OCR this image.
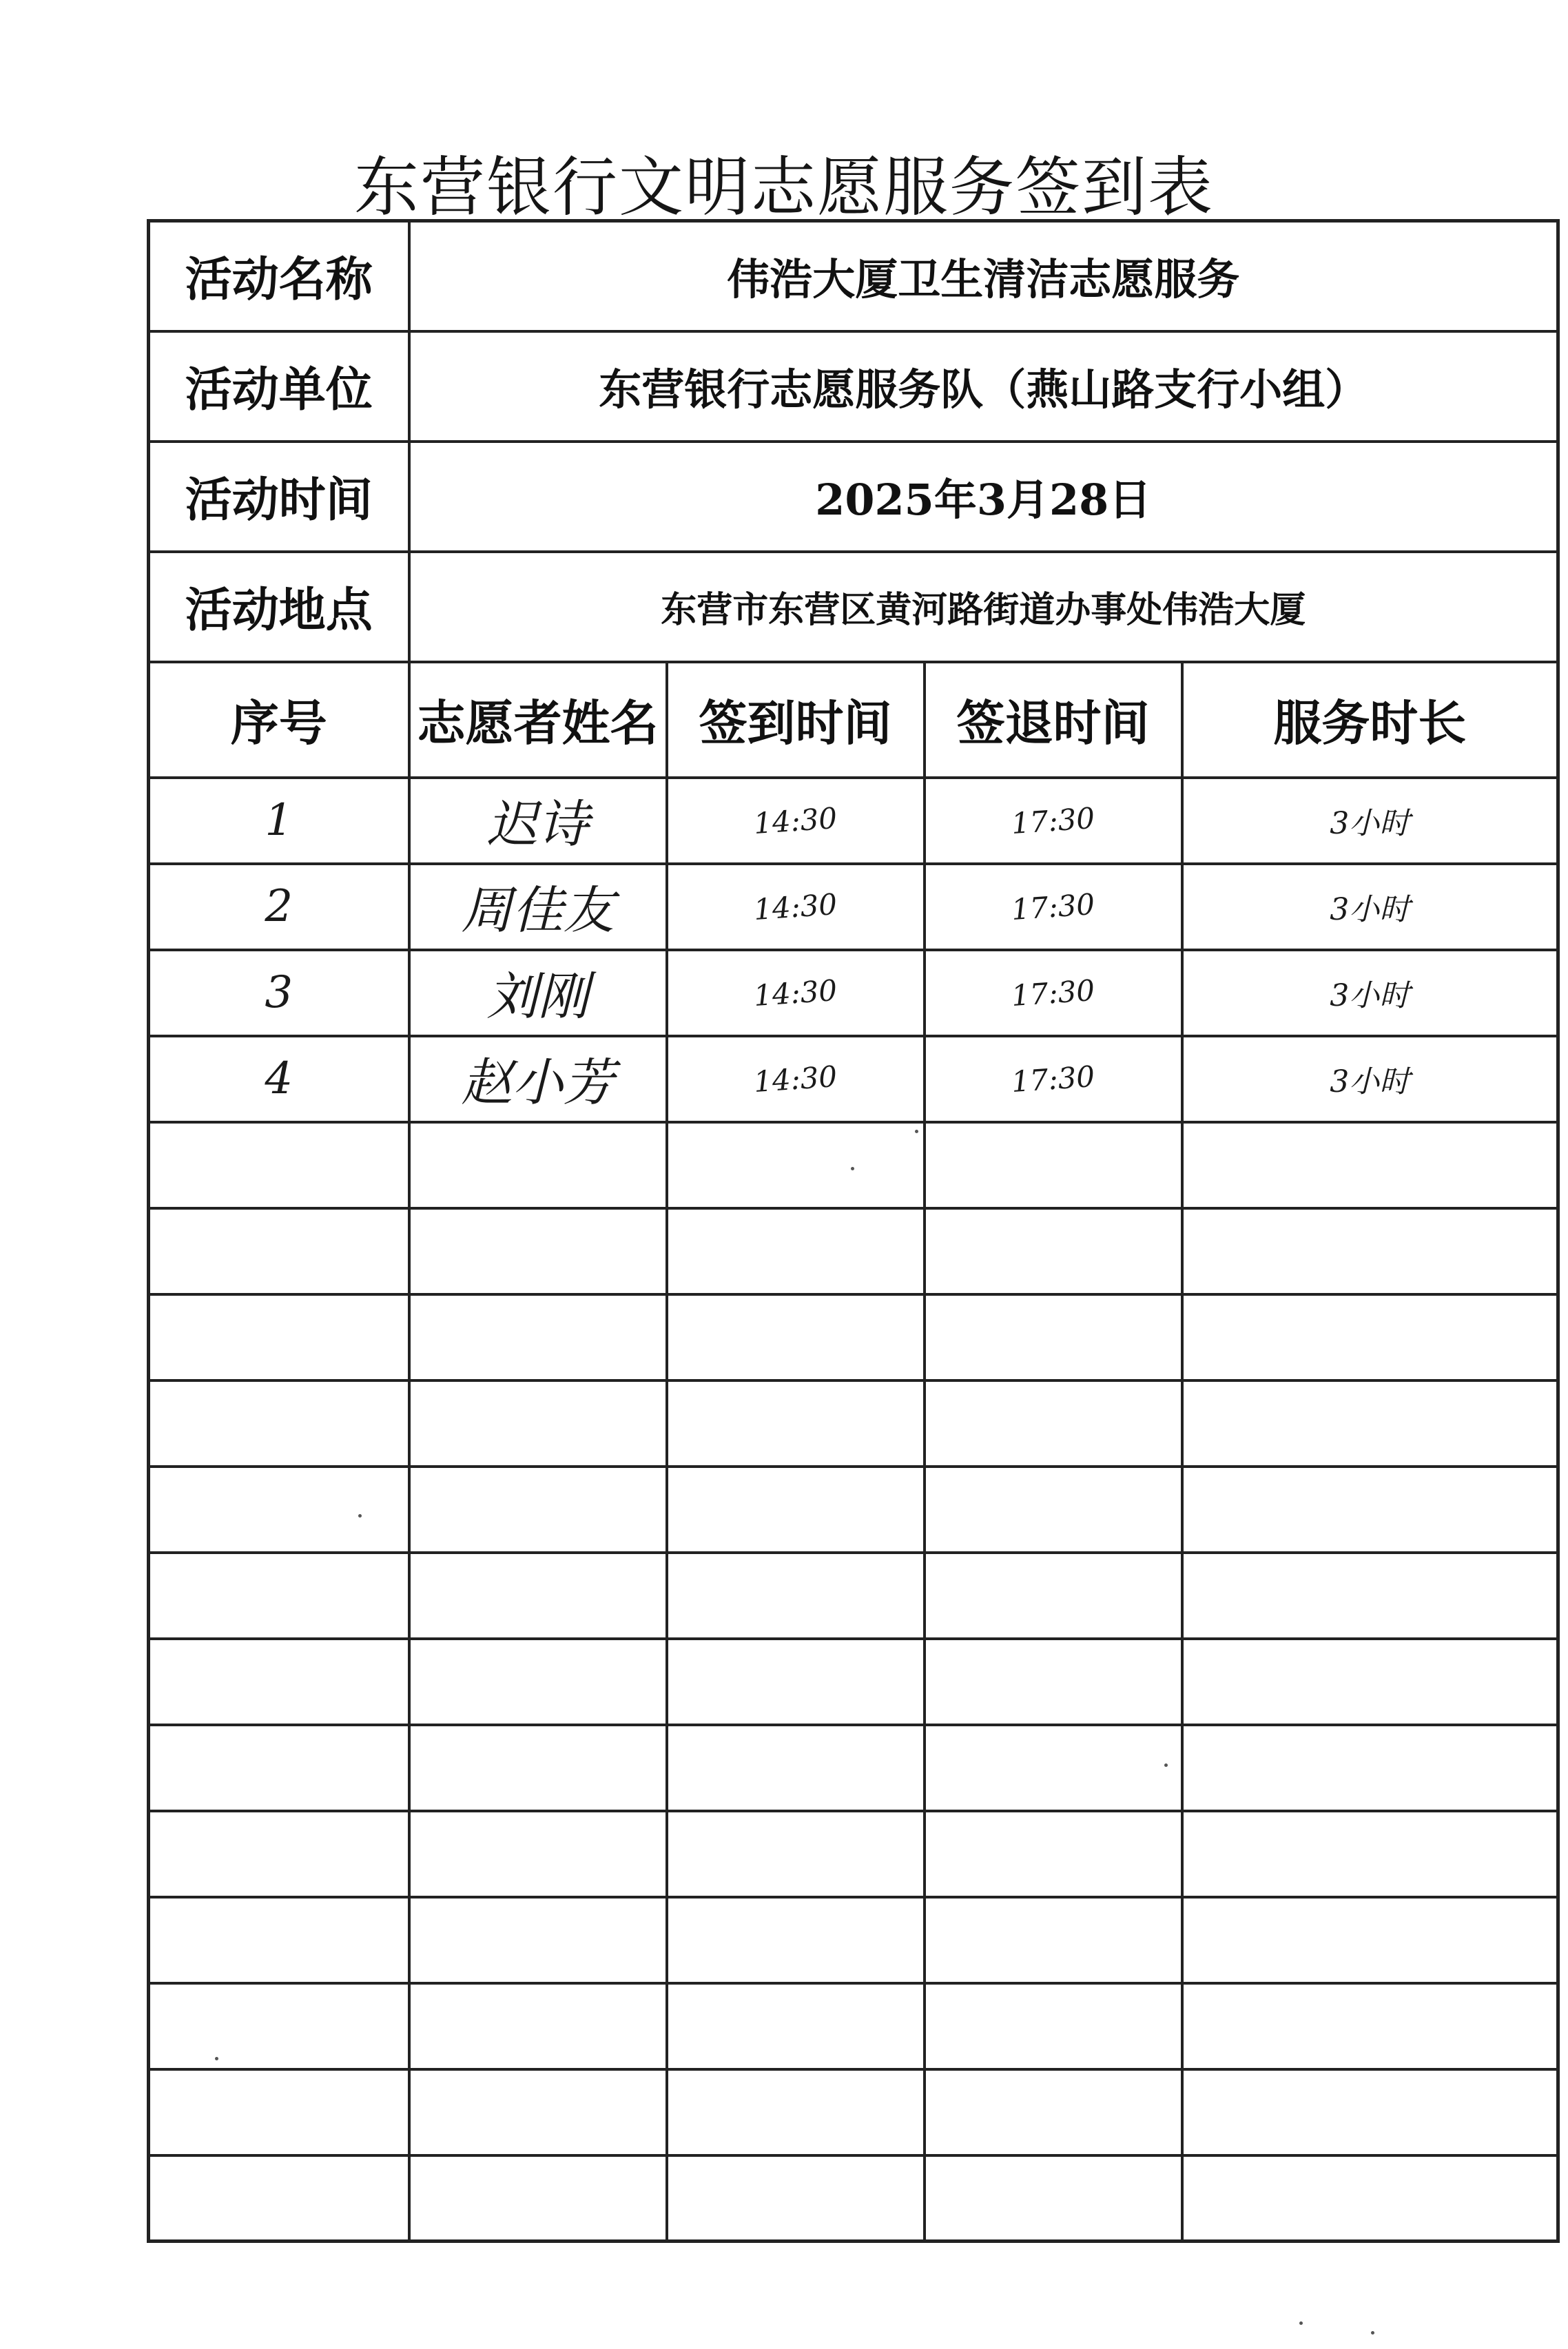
东营银行文明志愿服务签到表
活动名称	伟浩大厦卫生清洁志愿服务			
活动单位	东营银行志愿服务队（燕山路支行小组）			
活动时间	2025年3月28日			
活动地点	东营市东营区黄河路街道办事处伟浩大厦			
序号	志愿者姓名	签到时间	签退时间	服务时长
1	迟诗	14:30	17:30	3小时
2	周佳友	14:30	17:30	3小时
3	刘刚	14:30	17:30	3小时
4	赵小芳	14:30	17:30	3小时
